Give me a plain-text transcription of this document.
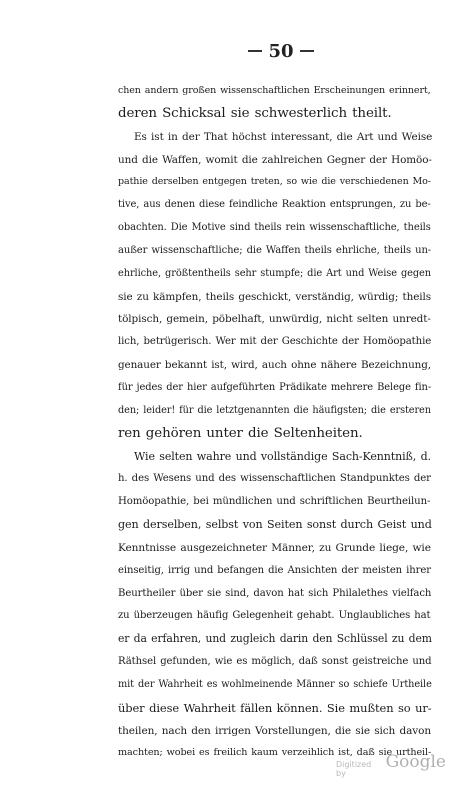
50
chen andern großen wissenschaftlichen Erscheinungen erinnert,
deren Schicksal sie schwesterlich theilt.
Es ist in der That höchst interessant, die Art und Weise
und die Waffen, womit die zahlreichen Gegner der Homöo-
pathie derselben entgegen treten, so wie die verschiedenen Mo-
tive, aus denen diese feindliche Reaktion entsprungen, zu be-
obachten. Die Motive sind theils rein wissenschaftliche, theils
außer wissenschaftliche; die Waffen theils ehrliche, theils un-
ehrliche, größtentheils sehr stumpfe; die Art und Weise gegen
sie zu kämpfen, theils geschickt, verständig, würdig; theils
tölpisch, gemein, pöbelhaft, unwürdig, nicht selten unredt-
lich, betrügerisch. Wer mit der Geschichte der Homöopathie
genauer bekannt ist, wird, auch ohne nähere Bezeichnung,
für jedes der hier aufgeführten Prädikate mehrere Belege fin-
den; leider! für die letztgenannten die häufigsten; die ersteren
ren gehören unter die Seltenheiten.
Wie selten wahre und vollständige Sach-Kenntniß, d.
h. des Wesens und des wissenschaftlichen Standpunktes der
Homöopathie, bei mündlichen und schriftlichen Beurtheilun-
gen derselben, selbst von Seiten sonst durch Geist und
Kenntnisse ausgezeichneter Männer, zu Grunde liege, wie
einseitig, irrig und befangen die Ansichten der meisten ihrer
Beurtheiler über sie sind, davon hat sich Philalethes vielfach
zu überzeugen häufig Gelegenheit gehabt. Unglaubliches hat
er da erfahren, und zugleich darin den Schlüssel zu dem
Räthsel gefunden, wie es möglich, daß sonst geistreiche und
mit der Wahrheit es wohlmeinende Männer so schiefe Urtheile
über diese Wahrheit fällen können. Sie mußten so ur-
theilen, nach den irrigen Vorstellungen, die sie sich davon
machten; wobei es freilich kaum verzeihlich ist, daß sie urtheil-
Digitized by
Google
